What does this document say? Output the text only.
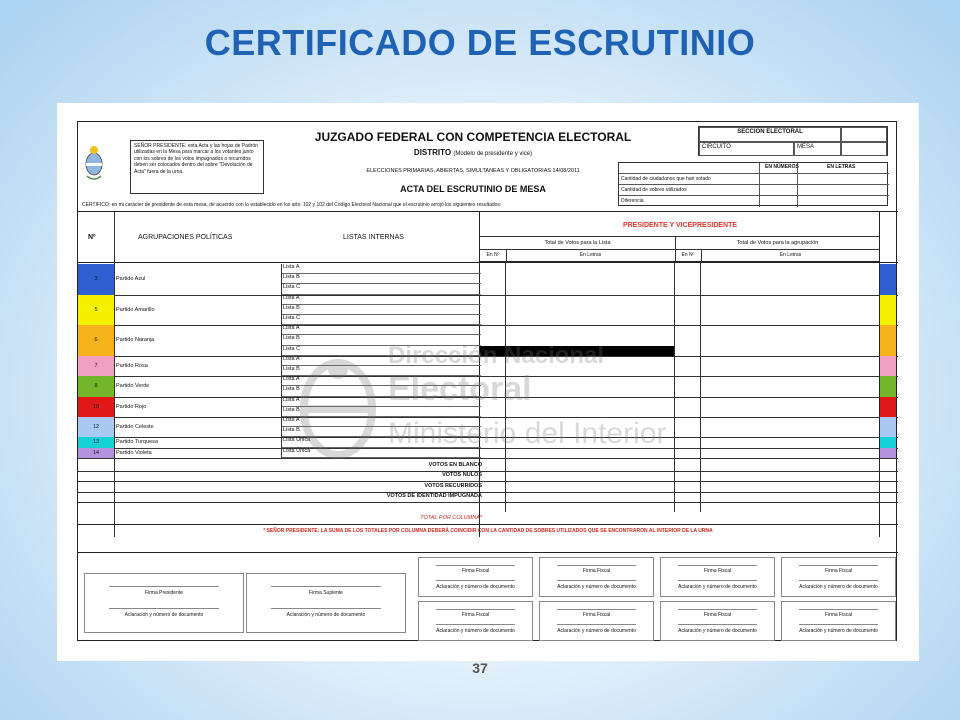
CERTIFICADO DE ESCRUTINIO
SEÑOR PRESIDENTE: esta Acta y las hojas de Padrón utilizadas en la Mesa para marcar a los votantes junto con los sobres de los votos impugnados o recurridos deben ser colocados dentro del sobre "Devolución de Acta" fuera de la urna.
JUZGADO FEDERAL CON COMPETENCIA ELECTORAL
DISTRITO (Modelo de presidente y vice)
ELECCIONES PRIMARIAS, ABIERTAS, SIMULTANEAS Y OBLIGATORIAS 14/08/2011
ACTA DEL ESCRUTINIO DE MESA
CERTIFICO: en mi carácter de presidente de esta mesa, de acuerdo con lo establecido en los arts. 102 y 102 del Codigo Electoral Nacional que el escrutinio arrojó los siguientes resultados:
SECCIÓN ELECTORAL
CIRCUITO	MESA
EN NÚMEROS	EN LETRAS
Cantidad de ciudadanos que han votado
Cantidad de sobres utilizados
Diferencia
Nº	AGRUPACIONES POLÍTICAS	LISTAS INTERNAS
PRESIDENTE Y VICEPRESIDENTE
Total de Votos para la Lista	Total de Votos para la agrupación
En Nº	En Letras	En Nº	En Letras
3	Partido Azul
Lista A
Lista B
Lista C
5	Partido Amarillo
Lista A
Lista B
Lista C
6	Partido Naranja
Lista A
Lista B
Lista C
7	Partido Rosa
Lista A
Lista B
8	Partido Verde
Lista A
Lista B
10	Partido Rojo
Lista A
Lista B
12	Partido Celeste
Lista A
Lista B
13	Partido Turquesa	Lista Única
14	Partido Violeta	Lista Única
VOTOS EN BLANCO
VOTOS NULOS
VOTOS RECURRIDOS
VOTOS DE IDENTIDAD IMPUGNADA
TOTAL POR COLUMNA*
* SEÑOR PRESIDENTE: LA SUMA DE LOS TOTALES POR COLUMNA DEBERÁ COINCIDIR CON LA CANTIDAD DE SOBRES UTILIZADOS QUE SE ENCONTRARON AL INTERIOR DE LA URNA
Dirección Nacional
Electoral
Ministerio del Interior
Firma Presidente
Aclaración y número de documento
Firma Suplente
Aclaración y número de documento
Firma Fiscal
Aclaración y número de documento
Firma Fiscal
Aclaración y número de documento
Firma Fiscal
Aclaración y número de documento
Firma Fiscal
Aclaración y número de documento
Firma Fiscal
Aclaración y número de documento
Firma Fiscal
Aclaración y número de documento
Firma Fiscal
Aclaración y número de documento
Firma Fiscal
Aclaración y número de documento
37
